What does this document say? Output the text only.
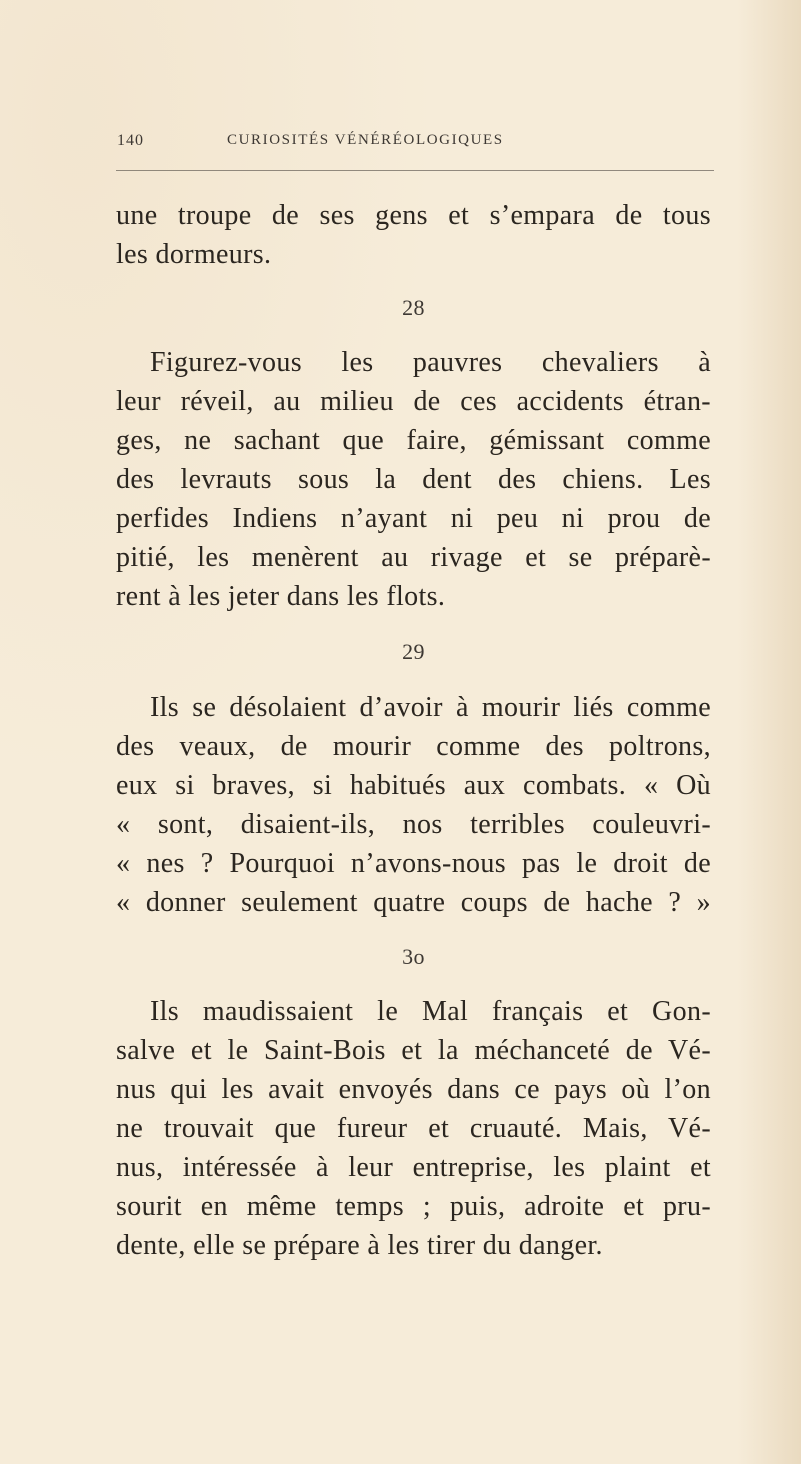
140	CURIOSITÉS VÉNÉRÉOLOGIQUES

une troupe de ses gens et s’empara de tous
les dormeurs.

28

Figurez-vous les pauvres chevaliers à
leur réveil, au milieu de ces accidents étran-
ges, ne sachant que faire, gémissant comme
des levrauts sous la dent des chiens. Les
perfides Indiens n’ayant ni peu ni prou de
pitié, les menèrent au rivage et se préparè-
rent à les jeter dans les flots.

29

Ils se désolaient d’avoir à mourir liés comme
des veaux, de mourir comme des poltrons,
eux si braves, si habitués aux combats. « Où
« sont, disaient-ils, nos terribles couleuvri-
« nes ? Pourquoi n’avons-nous pas le droit de
« donner seulement quatre coups de hache ? »

3o

Ils maudissaient le Mal français et Gon-
salve et le Saint-Bois et la méchanceté de Vé-
nus qui les avait envoyés dans ce pays où l’on
ne trouvait que fureur et cruauté. Mais, Vé-
nus, intéressée à leur entreprise, les plaint et
sourit en même temps ; puis, adroite et pru-
dente, elle se prépare à les tirer du danger.
